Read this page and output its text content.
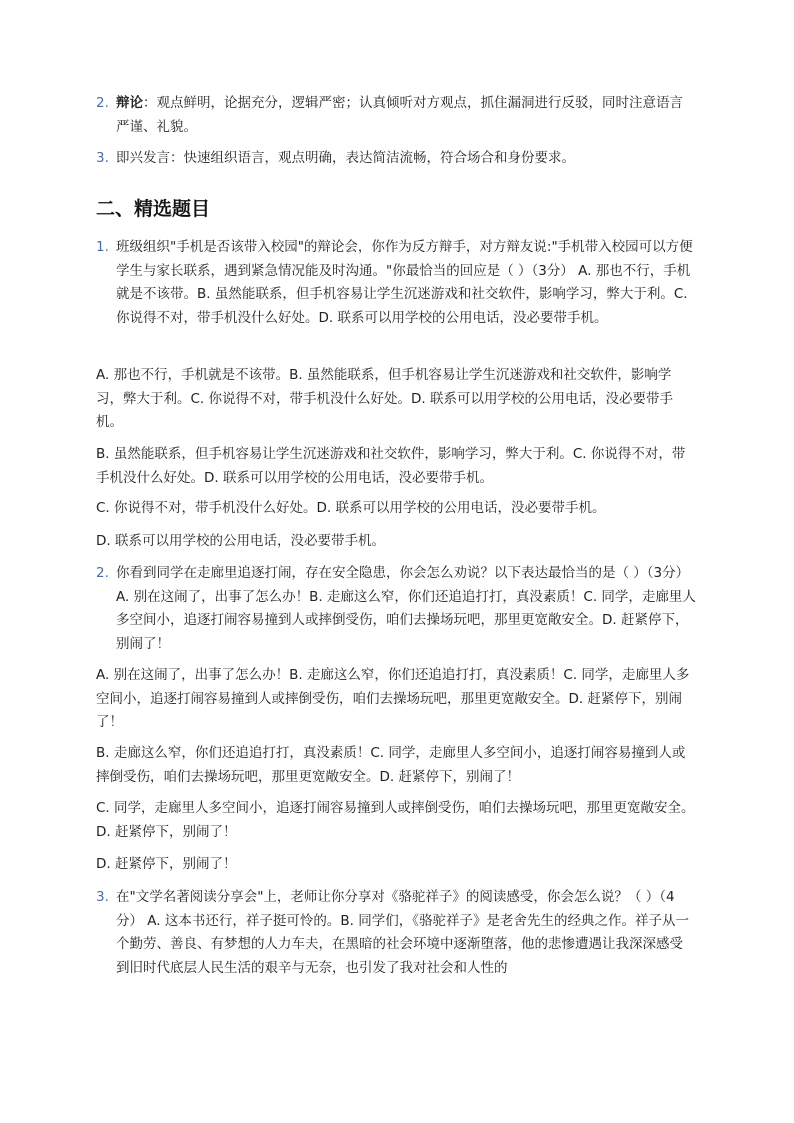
2. 辩论：观点鲜明，论据充分，逻辑严密；认真倾听对方观点，抓住漏洞进行反驳，同时注意语言严谨、礼貌。
3. 即兴发言：快速组织语言，观点明确，表达简洁流畅，符合场合和身份要求。
二、精选题目
1. 班级组织"手机是否该带入校园"的辩论会，你作为反方辩手，对方辩友说:"手机带入校园可以方便学生与家长联系，遇到紧急情况能及时沟通。"你最恰当的回应是（ ）（3分） A. 那也不行，手机就是不该带。B. 虽然能联系，但手机容易让学生沉迷游戏和社交软件，影响学习，弊大于利。C. 你说得不对，带手机没什么好处。D. 联系可以用学校的公用电话，没必要带手机。
A. 那也不行，手机就是不该带。B. 虽然能联系，但手机容易让学生沉迷游戏和社交软件，影响学习，弊大于利。C. 你说得不对，带手机没什么好处。D. 联系可以用学校的公用电话，没必要带手机。
B. 虽然能联系，但手机容易让学生沉迷游戏和社交软件，影响学习，弊大于利。C. 你说得不对，带手机没什么好处。D. 联系可以用学校的公用电话，没必要带手机。
C. 你说得不对，带手机没什么好处。D. 联系可以用学校的公用电话，没必要带手机。
D. 联系可以用学校的公用电话，没必要带手机。
2. 你看到同学在走廊里追逐打闹，存在安全隐患，你会怎么劝说？以下表达最恰当的是（ ）（3分） A. 别在这闹了，出事了怎么办！B. 走廊这么窄，你们还追追打打，真没素质！C. 同学，走廊里人多空间小，追逐打闹容易撞到人或摔倒受伤，咱们去操场玩吧，那里更宽敞安全。D. 赶紧停下，别闹了！
A. 别在这闹了，出事了怎么办！B. 走廊这么窄，你们还追追打打，真没素质！C. 同学，走廊里人多空间小，追逐打闹容易撞到人或摔倒受伤，咱们去操场玩吧，那里更宽敞安全。D. 赶紧停下，别闹了！
B. 走廊这么窄，你们还追追打打，真没素质！C. 同学，走廊里人多空间小，追逐打闹容易撞到人或摔倒受伤，咱们去操场玩吧，那里更宽敞安全。D. 赶紧停下，别闹了！
C. 同学，走廊里人多空间小，追逐打闹容易撞到人或摔倒受伤，咱们去操场玩吧，那里更宽敞安全。D. 赶紧停下，别闹了！
D. 赶紧停下，别闹了！
3. 在"文学名著阅读分享会"上，老师让你分享对《骆驼祥子》的阅读感受，你会怎么说？（ ）（4分） A. 这本书还行，祥子挺可怜的。B. 同学们，《骆驼祥子》是老舍先生的经典之作。祥子从一个勤劳、善良、有梦想的人力车夫，在黑暗的社会环境中逐渐堕落，他的悲惨遭遇让我深深感受到旧时代底层人民生活的艰辛与无奈，也引发了我对社会和人性的
